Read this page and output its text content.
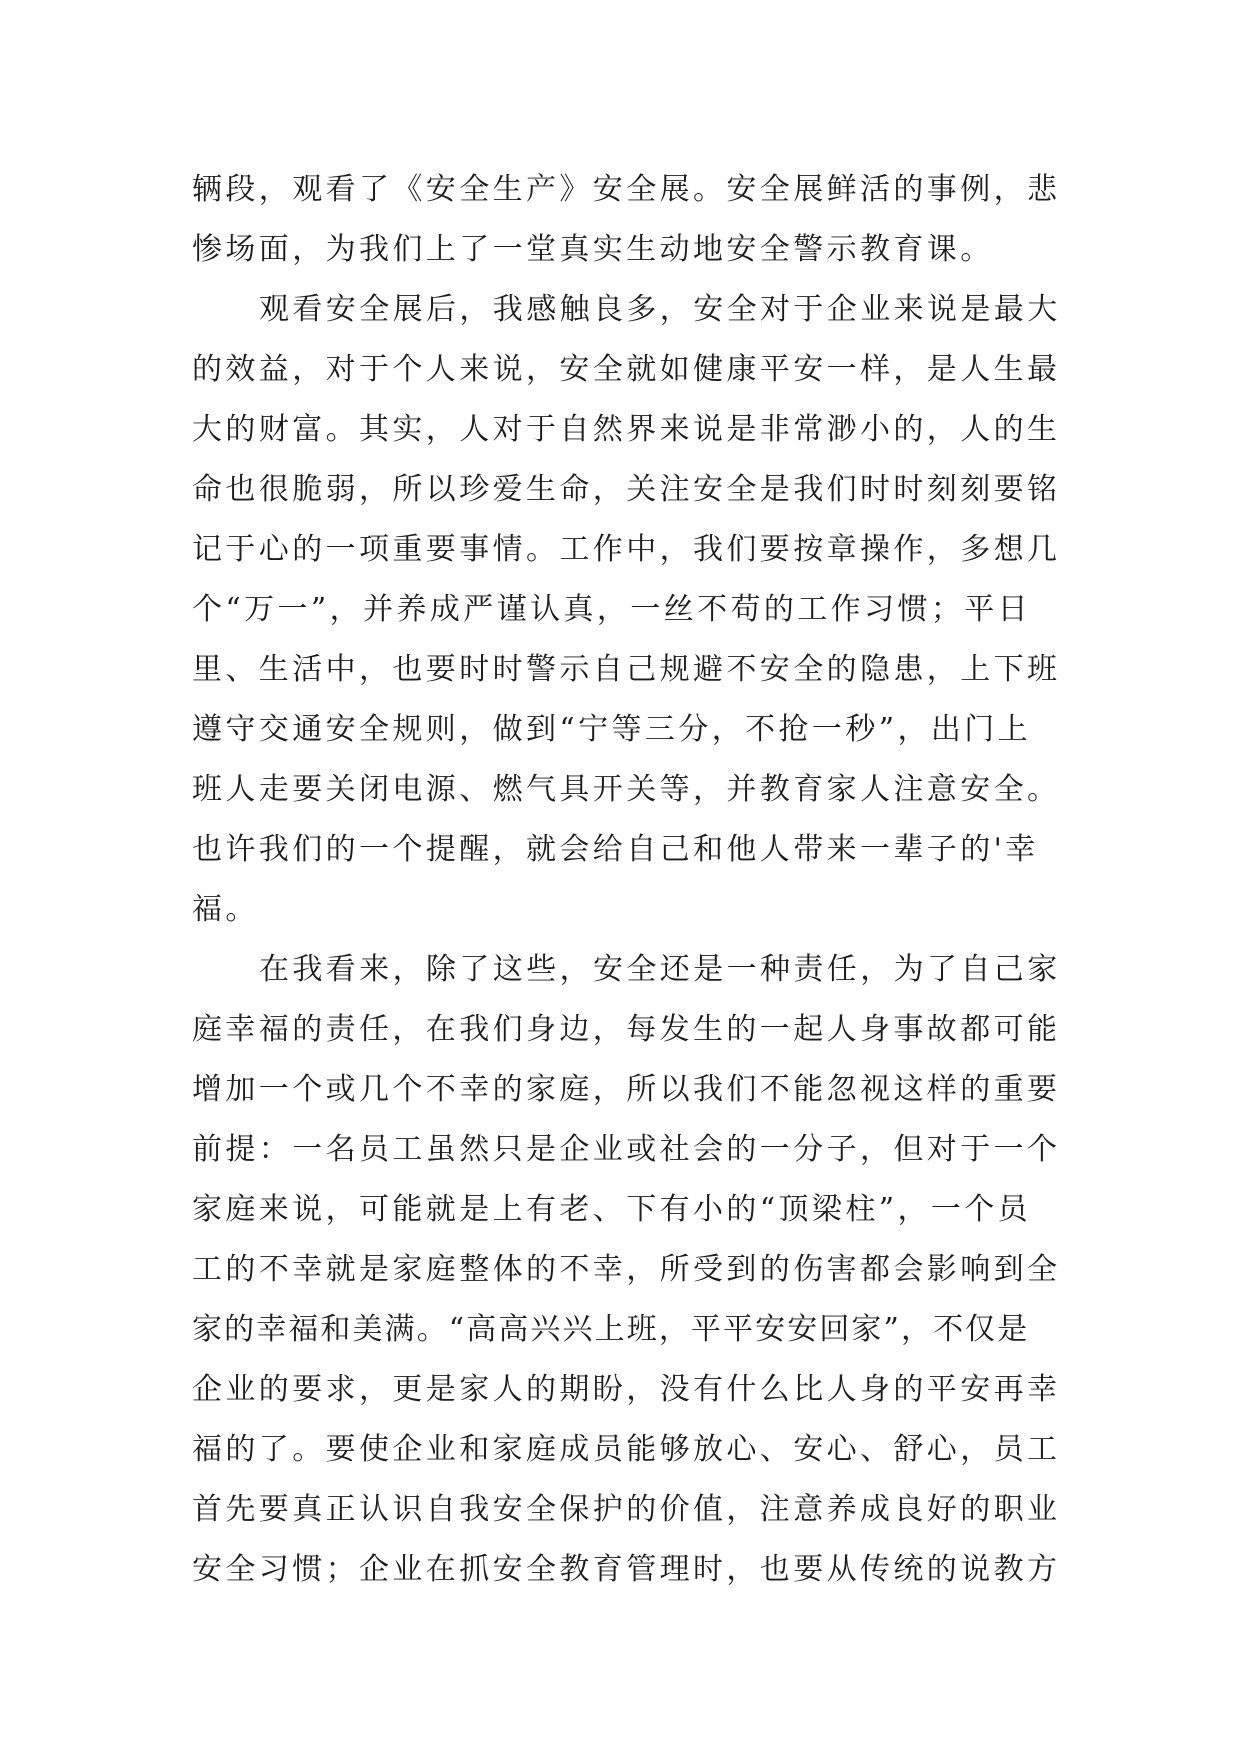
辆段，观看了《安全生产》安全展。安全展鲜活的事例，悲
惨场面，为我们上了一堂真实生动地安全警示教育课。
观看安全展后，我感触良多，安全对于企业来说是最大
的效益，对于个人来说，安全就如健康平安一样，是人生最
大的财富。其实，人对于自然界来说是非常渺小的，人的生
命也很脆弱，所以珍爱生命，关注安全是我们时时刻刻要铭
记于心的一项重要事情。工作中，我们要按章操作，多想几
个“万一”，并养成严谨认真，一丝不苟的工作习惯；平日
里、生活中，也要时时警示自己规避不安全的隐患，上下班
遵守交通安全规则，做到“宁等三分，不抢一秒”，出门上
班人走要关闭电源、燃气具开关等，并教育家人注意安全。
也许我们的一个提醒，就会给自己和他人带来一辈子的'幸
福。
在我看来，除了这些，安全还是一种责任，为了自己家
庭幸福的责任，在我们身边，每发生的一起人身事故都可能
增加一个或几个不幸的家庭，所以我们不能忽视这样的重要
前提：一名员工虽然只是企业或社会的一分子，但对于一个
家庭来说，可能就是上有老、下有小的“顶梁柱”，一个员
工的不幸就是家庭整体的不幸，所受到的伤害都会影响到全
家的幸福和美满。“高高兴兴上班，平平安安回家”，不仅是
企业的要求，更是家人的期盼，没有什么比人身的平安再幸
福的了。要使企业和家庭成员能够放心、安心、舒心，员工
首先要真正认识自我安全保护的价值，注意养成良好的职业
安全习惯；企业在抓安全教育管理时，也要从传统的说教方
